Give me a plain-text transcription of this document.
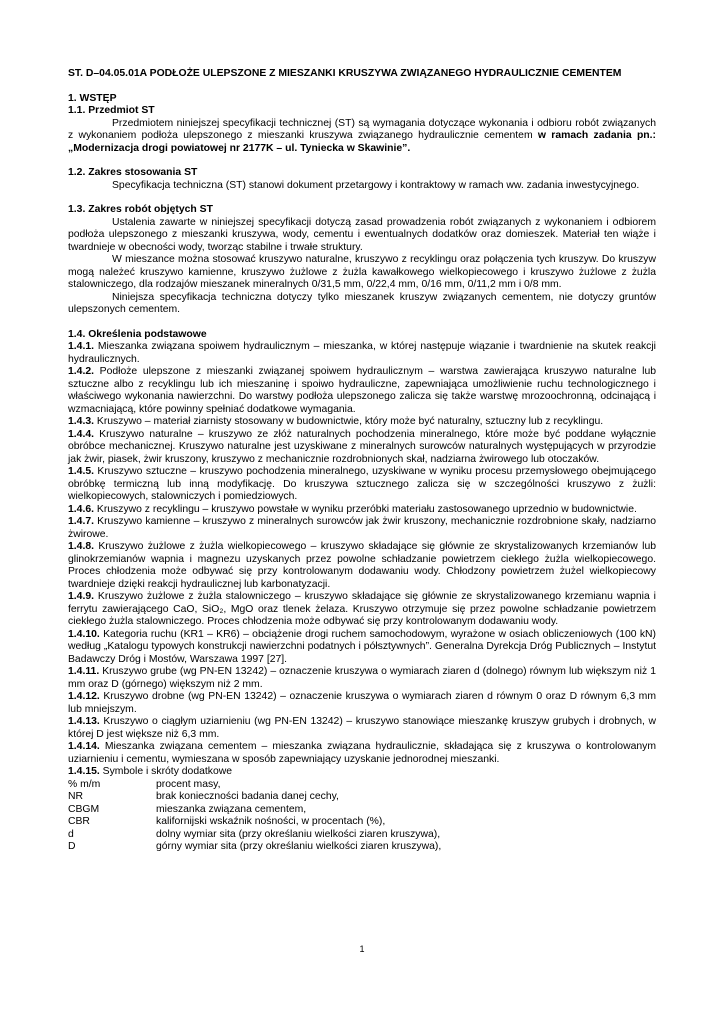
ST. D–04.05.01A PODŁOŻE ULEPSZONE Z MIESZANKI KRUSZYWA ZWIĄZANEGO HYDRAULICZNIE CEMENTEM

1. WSTĘP

1.1. Przedmiot ST

Przedmiotem niniejszej specyfikacji technicznej (ST) są wymagania dotyczące wykonania i odbioru robót związanych z wykonaniem podłoża ulepszonego z mieszanki kruszywa związanego hydraulicznie cementem w ramach zadania pn.: „Modernizacja drogi powiatowej nr 2177K – ul. Tyniecka w Skawinie”.

1.2. Zakres stosowania ST

Specyfikacja techniczna (ST) stanowi dokument przetargowy i kontraktowy w ramach ww. zadania inwestycyjnego.

1.3. Zakres robót objętych ST

Ustalenia zawarte w niniejszej specyfikacji dotyczą zasad prowadzenia robót związanych z wykonaniem i odbiorem podłoża ulepszonego z mieszanki kruszywa, wody, cementu i ewentualnych dodatków oraz domieszek. Materiał ten wiąże i twardnieje w obecności wody, tworząc stabilne i trwałe struktury.

W mieszance można stosować kruszywo naturalne, kruszywo z recyklingu oraz połączenia tych kruszyw. Do kruszyw mogą należeć kruszywo kamienne, kruszywo żużlowe z żużla kawałkowego wielkopiecowego i kruszywo żużlowe z żużla stalowniczego, dla rodzajów mieszanek mineralnych 0/31,5 mm, 0/22,4 mm, 0/16 mm, 0/11,2 mm i 0/8 mm.

Niniejsza specyfikacja techniczna dotyczy tylko mieszanek kruszyw związanych cementem, nie dotyczy gruntów ulepszonych cementem.

1.4. Określenia podstawowe

1.4.1. Mieszanka związana spoiwem hydraulicznym – mieszanka, w której następuje wiązanie i twardnienie na skutek reakcji hydraulicznych.

1.4.2. Podłoże ulepszone z mieszanki związanej spoiwem hydraulicznym – warstwa zawierająca kruszywo naturalne lub sztuczne albo z recyklingu lub ich mieszaninę i spoiwo hydrauliczne, zapewniająca umożliwienie ruchu technologicznego i właściwego wykonania nawierzchni. Do warstwy podłoża ulepszonego zalicza się także warstwę mrozoochronną, odcinającą i wzmacniającą, które powinny spełniać dodatkowe wymagania.

1.4.3. Kruszywo – materiał ziarnisty stosowany w budownictwie, który może być naturalny, sztuczny lub z recyklingu.

1.4.4. Kruszywo naturalne – kruszywo ze złóż naturalnych pochodzenia mineralnego, które może być poddane wyłącznie obróbce mechanicznej. Kruszywo naturalne jest uzyskiwane z mineralnych surowców naturalnych występujących w przyrodzie jak żwir, piasek, żwir kruszony, kruszywo z mechanicznie rozdrobnionych skał, nadziarna żwirowego lub otoczaków.

1.4.5. Kruszywo sztuczne – kruszywo pochodzenia mineralnego, uzyskiwane w wyniku procesu przemysłowego obejmującego obróbkę termiczną lub inną modyfikację. Do kruszywa sztucznego zalicza się w szczególności kruszywo z żużli: wielkopiecowych, stalowniczych i pomiedziowych.

1.4.6. Kruszywo z recyklingu – kruszywo powstałe w wyniku przeróbki materiału zastosowanego uprzednio w budownictwie.

1.4.7. Kruszywo kamienne – kruszywo z mineralnych surowców jak żwir kruszony, mechanicznie rozdrobnione skały, nadziarno żwirowe.

1.4.8. Kruszywo żużlowe z żużla wielkopiecowego – kruszywo składające się głównie ze skrystalizowanych krzemianów lub glinokrzemianów wapnia i magnezu uzyskanych przez powolne schładzanie powietrzem ciekłego żużla wielkopiecowego. Proces chłodzenia może odbywać się przy kontrolowanym dodawaniu wody. Chłodzony powietrzem żużel wielkopiecowy twardnieje dzięki reakcji hydraulicznej lub karbonatyzacji.

1.4.9. Kruszywo żużlowe z żużla stalowniczego – kruszywo składające się głównie ze skrystalizowanego krzemianu wapnia i ferrytu zawierającego CaO, SiO₂, MgO oraz tlenek żelaza. Kruszywo otrzymuje się przez powolne schładzanie powietrzem ciekłego żużla stalowniczego. Proces chłodzenia może odbywać się przy kontrolowanym dodawaniu wody.

1.4.10. Kategoria ruchu (KR1 – KR6) – obciążenie drogi ruchem samochodowym, wyrażone w osiach obliczeniowych (100 kN) według „Katalogu typowych konstrukcji nawierzchni podatnych i półsztywnych”. Generalna Dyrekcja Dróg Publicznych – Instytut Badawczy Dróg i Mostów, Warszawa 1997 [27].

1.4.11. Kruszywo grube (wg PN-EN 13242) – oznaczenie kruszywa o wymiarach ziaren d (dolnego) równym lub większym niż 1 mm oraz D (górnego) większym niż 2 mm.

1.4.12. Kruszywo drobne (wg PN-EN 13242) – oznaczenie kruszywa o wymiarach ziaren d równym 0 oraz D równym 6,3 mm lub mniejszym.

1.4.13. Kruszywo o ciągłym uziarnieniu (wg PN-EN 13242) – kruszywo stanowiące mieszankę kruszyw grubych i drobnych, w której D jest większe niż 6,3 mm.

1.4.14. Mieszanka związana cementem – mieszanka związana hydraulicznie, składająca się z kruszywa o kontrolowanym uziarnieniu i cementu, wymieszana w sposób zapewniający uzyskanie jednorodnej mieszanki.

1.4.15. Symbole i skróty dodatkowe

% m/m	procent masy,
NR	brak konieczności badania danej cechy,
CBGM	mieszanka związana cementem,
CBR	kalifornijski wskaźnik nośności, w procentach (%),
d	dolny wymiar sita (przy określaniu wielkości ziaren kruszywa),
D	górny wymiar sita (przy określaniu wielkości ziaren kruszywa),
1
